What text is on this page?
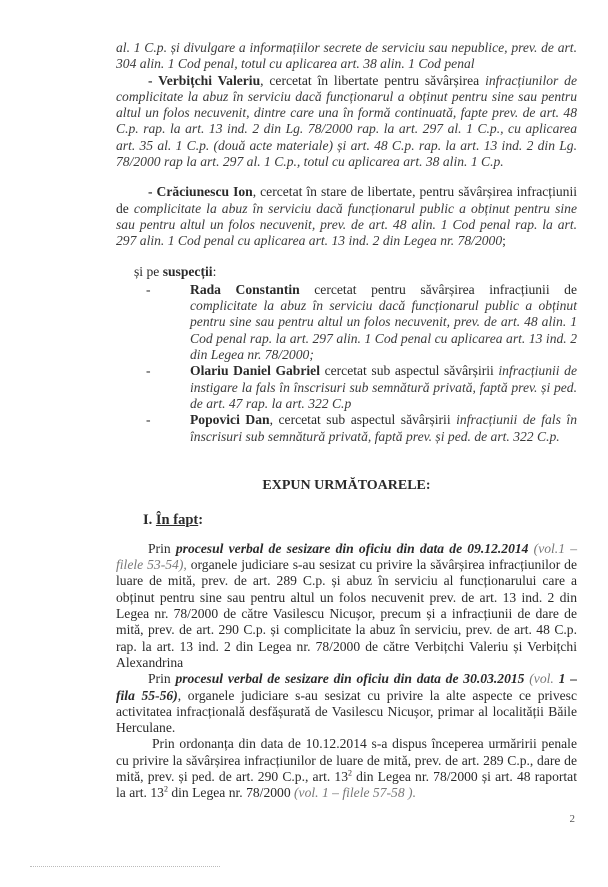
al. 1 C.p. și divulgare a informațiilor secrete de serviciu sau nepublice, prev. de art. 304 alin. 1 Cod penal, totul cu aplicarea art. 38 alin. 1 Cod penal

- Verbițchi Valeriu, cercetat în libertate pentru săvârșirea infracțiunilor de complicitate la abuz în serviciu dacă funcționarul a obținut pentru sine sau pentru altul un folos necuvenit, dintre care una în formă continuată, fapte prev. de art. 48 C.p. rap. la art. 13 ind. 2 din Lg. 78/2000 rap. la art. 297 al. 1 C.p., cu aplicarea art. 35 al. 1 C.p. (două acte materiale) și art. 48 C.p. rap. la art. 13 ind. 2 din Lg. 78/2000 rap la art. 297 al. 1 C.p., totul cu aplicarea art. 38 alin. 1 C.p.

- Crăciunescu Ion, cercetat în stare de libertate, pentru săvârșirea infracțiunii de complicitate la abuz în serviciu dacă funcționarul public a obținut pentru sine sau pentru altul un folos necuvenit, prev. de art. 48 alin. 1 Cod penal rap. la art. 297 alin. 1 Cod penal cu aplicarea art. 13 ind. 2 din Legea nr. 78/2000;

și pe suspecții:

-	Rada Constantin cercetat pentru săvârșirea infracțiunii de complicitate la abuz în serviciu dacă funcționarul public a obținut pentru sine sau pentru altul un folos necuvenit, prev. de art. 48 alin. 1 Cod penal rap. la art. 297 alin. 1 Cod penal cu aplicarea art. 13 ind. 2 din Legea nr. 78/2000;

-	Olariu Daniel Gabriel cercetat sub aspectul săvârșirii infracțiunii de instigare la fals în înscrisuri sub semnătură privată, faptă prev. și ped. de art. 47 rap. la art. 322 C.p

-	Popovici Dan, cercetat sub aspectul săvârșirii infracțiunii de fals în înscrisuri sub semnătură privată, faptă prev. și ped. de art. 322 C.p.

EXPUN URMĂTOARELE:
I. În fapt:

Prin procesul verbal de sesizare din oficiu din data de 09.12.2014 (vol.1 – filele 53-54), organele judiciare s-au sesizat cu privire la săvârșirea infracțiunilor de luare de mită, prev. de art. 289 C.p. și abuz în serviciu al funcționarului care a obținut pentru sine sau pentru altul un folos necuvenit prev. de art. 13 ind. 2 din Legea nr. 78/2000 de către Vasilescu Nicușor, precum și a infracțiunii de dare de mită, prev. de art. 290 C.p. și complicitate la abuz în serviciu, prev. de art. 48 C.p. rap. la art. 13 ind. 2 din Legea nr. 78/2000 de către Verbițchi Valeriu și Verbițchi Alexandrina

Prin procesul verbal de sesizare din oficiu din data de 30.03.2015 (vol. 1 – fila 55-56), organele judiciare s-au sesizat cu privire la alte aspecte ce privesc activitatea infracțională desfășurată de Vasilescu Nicușor, primar al localității Băile Herculane.

Prin ordonanța din data de 10.12.2014 s-a dispus începerea urmăririi penale cu privire la săvârșirea infracțiunilor de luare de mită, prev. de art. 289 C.p., dare de mită, prev. și ped. de art. 290 C.p., art. $13^2$ din Legea nr. 78/2000 și art. 48 raportat la art. $13^2$ din Legea nr. 78/2000 (vol. 1 – filele 57-58 ).

2
